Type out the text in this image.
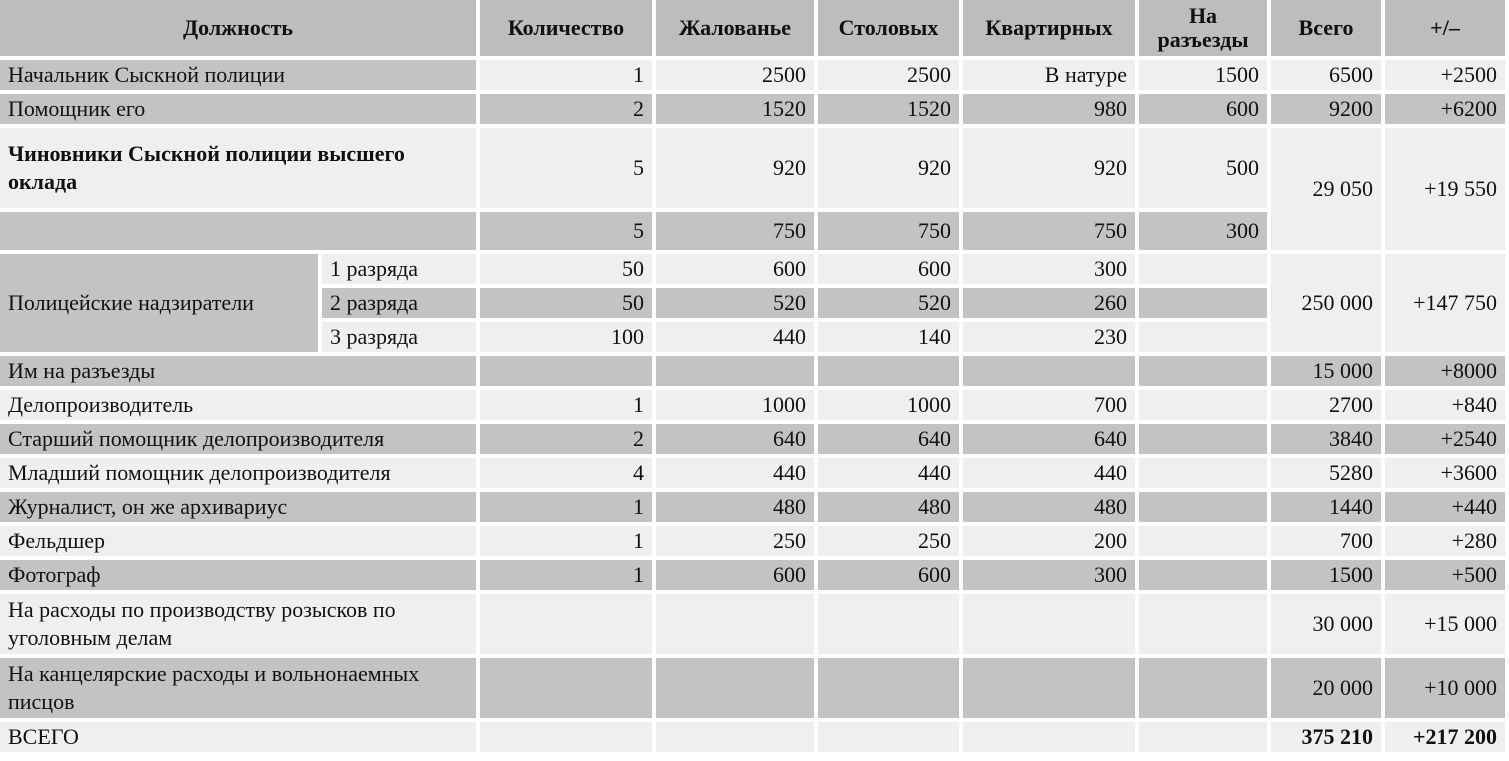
Должность		Количество	Жалованье	Столовых	Квартирных	На разъезды	Всего	+/–
Начальник Сыскной полиции		1	2500	2500	В натуре	1500	6500	+2500
Помощник его		2	1520	1520	980	600	9200	+6200
Чиновники Сыскной полиции высшего оклада		5	920	920	920	500	29 050	+19 550
		5	750	750	750	300		
Полицейские надзиратели	1 разряда	50	600	600	300		250 000	+147 750
	2 разряда	50	520	520	260			
	3 разряда	100	440	140	230			
Им на разъезды							15 000	+8000
Делопроизводитель		1	1000	1000	700		2700	+840
Старший помощник делопроизводителя		2	640	640	640		3840	+2540
Младший помощник делопроизводителя		4	440	440	440		5280	+3600
Журналист, он же архивариус		1	480	480	480		1440	+440
Фельдшер		1	250	250	200		700	+280
Фотограф		1	600	600	300		1500	+500
На расходы по производству розысков по уголовным делам							30 000	+15 000
На канцелярские расходы и вольнонаемных писцов							20 000	+10 000
ВСЕГО							375 210	+217 200
